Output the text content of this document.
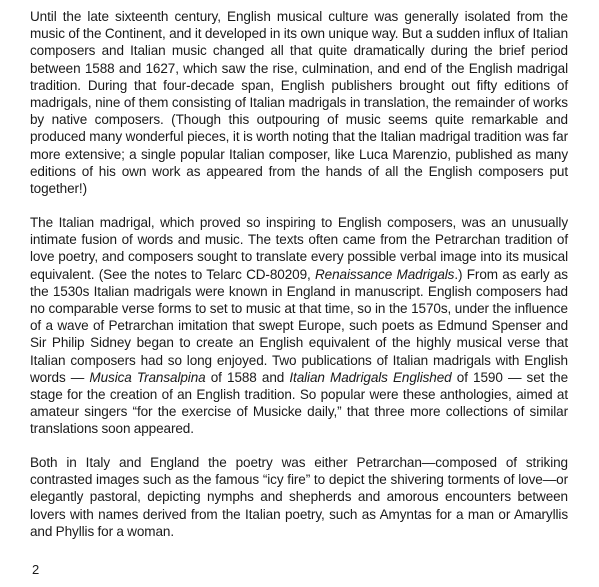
Until the late sixteenth century, English musical culture was generally isolated from the music of the Continent, and it developed in its own unique way. But a sudden influx of Italian composers and Italian music changed all that quite dramatically during the brief period between 1588 and 1627, which saw the rise, culmination, and end of the English madrigal tradition. During that four-decade span, English publishers brought out fifty editions of madrigals, nine of them consisting of Italian madrigals in translation, the remainder of works by native composers. (Though this outpouring of music seems quite remarkable and produced many wonderful pieces, it is worth noting that the Italian madrigal tradition was far more extensive; a single popular Italian composer, like Luca Marenzio, published as many editions of his own work as appeared from the hands of all the English composers put together!)

The Italian madrigal, which proved so inspiring to English composers, was an unusually intimate fusion of words and music. The texts often came from the Petrarchan tradition of love poetry, and composers sought to translate every possible verbal image into its musical equivalent. (See the notes to Telarc CD-80209, Renaissance Madrigals.) From as early as the 1530s Italian madrigals were known in England in manuscript. English composers had no comparable verse forms to set to music at that time, so in the 1570s, under the influence of a wave of Petrarchan imitation that swept Europe, such poets as Edmund Spenser and Sir Philip Sidney began to create an English equivalent of the highly musical verse that Italian composers had so long enjoyed. Two publications of Italian madrigals with English words — Musica Transalpina of 1588 and Italian Madrigals Englished of 1590 — set the stage for the creation of an English tradition. So popular were these anthologies, aimed at amateur singers “for the exercise of Musicke daily,” that three more collections of similar translations soon appeared.

Both in Italy and England the poetry was either Petrarchan—composed of striking contrasted images such as the famous “icy fire” to depict the shivering torments of love—or elegantly pastoral, depicting nymphs and shepherds and amorous encounters between lovers with names derived from the Italian poetry, such as Amyntas for a man or Amaryllis and Phyllis for a woman.

2
